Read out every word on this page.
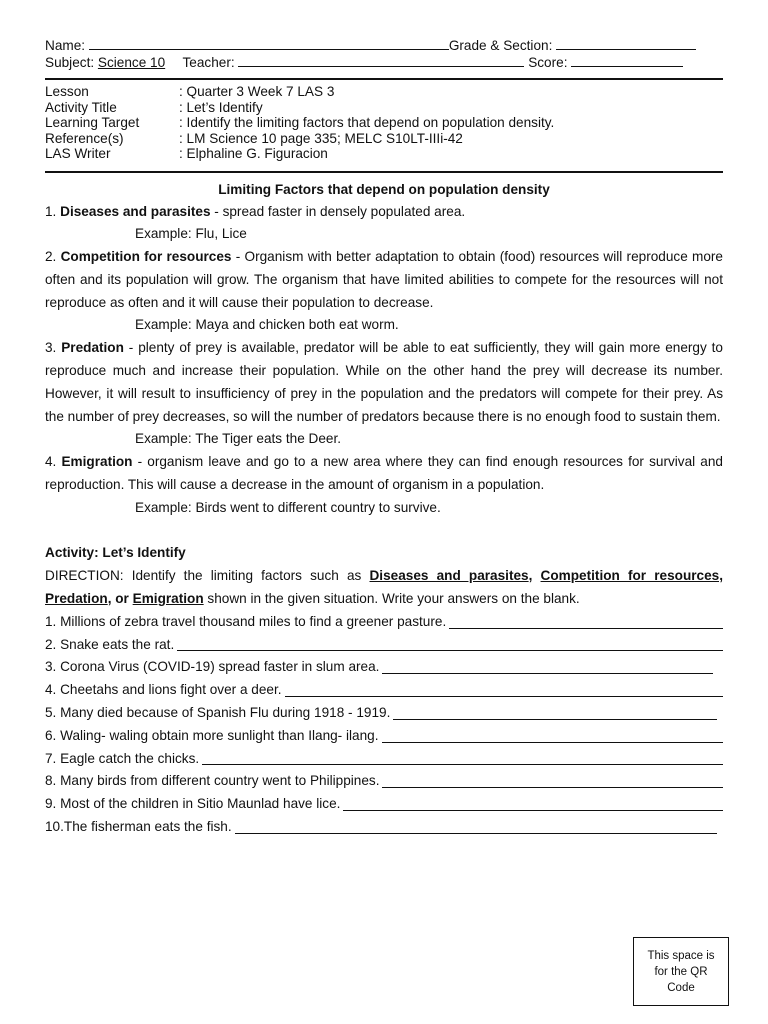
Name:	Grade & Section:
Subject: Science 10 Teacher:	Score:
Lesson	: Quarter 3 Week 7 LAS 3
Activity Title	: Let’s Identify
Learning Target	: Identify the limiting factors that depend on population density.
Reference(s)	: LM Science 10 page 335; MELC S10LT-IIIi-42
LAS Writer	: Elphaline G. Figuracion
Limiting Factors that depend on population density

1. Diseases and parasites - spread faster in densely populated area.

Example: Flu, Lice

2. Competition for resources - Organism with better adaptation to obtain (food) resources will reproduce more often and its population will grow. The organism that have limited abilities to compete for the resources will not reproduce as often and it will cause their population to decrease.

Example: Maya and chicken both eat worm.

3. Predation - plenty of prey is available, predator will be able to eat sufficiently, they will gain more energy to reproduce much and increase their population. While on the other hand the prey will decrease its number. However, it will result to insufficiency of prey in the population and the predators will compete for their prey. As the number of prey decreases, so will the number of predators because there is no enough food to sustain them.

Example: The Tiger eats the Deer.

4. Emigration - organism leave and go to a new area where they can find enough resources for survival and reproduction. This will cause a decrease in the amount of organism in a population.

Example: Birds went to different country to survive.

Activity: Let’s Identify

DIRECTION: Identify the limiting factors such as Diseases and parasites, Competition for resources, Predation, or Emigration shown in the given situation. Write your answers on the blank.

1. Millions of zebra travel thousand miles to find a greener pasture.
2. Snake eats the rat.
3. Corona Virus (COVID-19) spread faster in slum area.
4. Cheetahs and lions fight over a deer.
5. Many died because of Spanish Flu during 1918 - 1919.
6. Waling- waling obtain more sunlight than Ilang- ilang.
7. Eagle catch the chicks.
8. Many birds from different country went to Philippines.
9. Most of the children in Sitio Maunlad have lice.
10.The fisherman eats the fish.
This space is for the QR Code
